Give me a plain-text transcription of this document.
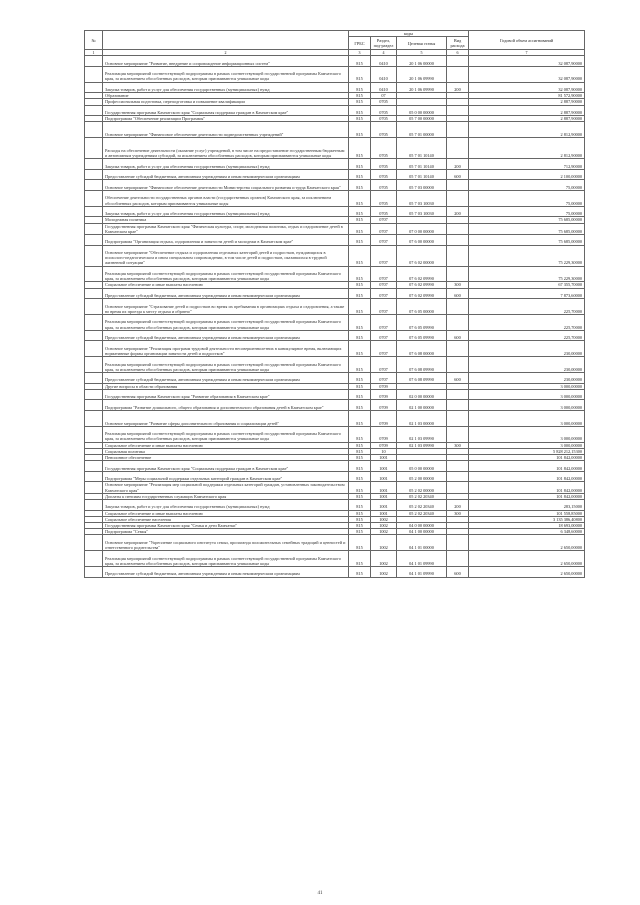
№		коды				Годовой объем ассигнований
		ГРБС	Раздел, под-раздел	Целевая статья	Вид расхода	
1	2	3	4	5	6	7
	Основное мероприятие "Развитие, внедрение и сопровождение информационных систем"	815	0410	20 1 06 00000		32 087,90000
	Реализация мероприятий соответствующей подпрограммы в рамках соответствующей государственной программы Камчатского края, за исключением обособленных расходов, которым присваиваются уникальные коды	815	0410	20 1 06 09990		32 087,90000
	Закупка товаров, работ и услуг для обеспечения государственных (муниципальных) нужд	815	0410	20 1 06 09990	200	32 087,90000
	Образование	815	07			81 572,90000
	Профессиональная подготовка, переподготовка и повышение квалификации	815	0705			2 887,90000
	Государственная программа Камчатского края "Социальная поддержка граждан в Камчатском крае"	815	0705	05 0 00 00000		2 887,90000
	Подпрограмма "Обеспечение реализации Программы"	815	0705	05 7 00 00000		2 887,90000
	Основное мероприятие "Финансовое обеспечение деятельности подведомственных учреждений"	815	0705	05 7 01 00000		2 812,90000
	Расходы на обеспечение деятельности (оказание услуг) учреждений, в том числе на предоставление государственным бюджетным и автономным учреждениям субсидий, за исключением обособленных расходов, которым присваиваются уникальные коды	815	0705	05 7 01 10140		2 812,90000
	Закупка товаров, работ и услуг для обеспечения государственных (муниципальных) нужд	815	0705	05 7 01 10140	200	712,90000
	Предоставление субсидий бюджетным, автономным учреждениям и иным некоммерческим организациям	815	0705	05 7 01 10140	600	2 100,00000
	Основное мероприятие "Финансовое обеспечение деятельности Министерства социального развития и труда Камчатского края"	815	0705	05 7 03 00000		75,00000
	Обеспечение деятельности государственных органов власти (государственных органов) Камчатского края, за исключением обособленных расходов, которым присваиваются уникальные коды	815	0705	05 7 03 10030		75,00000
	Закупка товаров, работ и услуг для обеспечения государственных (муниципальных) нужд	815	0705	05 7 03 10030	200	75,00000
	Молодежная политика	815	0707			75 685,00000
	Государственная программа Камчатского края "Физическая культура, спорт, молодежная политика, отдых и оздоровление детей в Камчатском крае"	815	0707	07 0 00 00000		75 685,00000
	Подпрограмма "Организация отдыха, оздоровления и занятости детей и молодежи в Камчатском крае"	815	0707	07 6 00 00000		75 685,00000
	Основное мероприятие "Обеспечение отдыха и оздоровления отдельных категорий детей и подростков, нуждающихся в психолого-педагогическом и ином специальном сопровождении, в том числе детей и подростков, оказавшихся в трудной жизненной ситуации"	815	0707	07 6 02 00000		75 229,30000
	Реализация мероприятий соответствующей подпрограммы в рамках соответствующей государственной программы Камчатского края, за исключением обособленных расходов, которым присваиваются уникальные коды	815	0707	07 6 02 09990		75 229,30000
	Социальное обеспечение и иные выплаты населению	815	0707	07 6 02 09990	300	67 355,70000
	Предоставление субсидий бюджетным, автономным учреждениям и иным некоммерческим организациям	815	0707	07 6 02 09990	600	7 873,60000
	Основное мероприятие "Страхование детей и подростков во время их пребывания в организациях отдыха и оздоровления, а также во время их проезда к месту отдыха и обратно"	815	0707	07 6 05 00000		225,70000
	Реализация мероприятий соответствующей подпрограммы в рамках соответствующей государственной программы Камчатского края, за исключением обособленных расходов, которым присваиваются уникальные коды	815	0707	07 6 05 09990		225,70000
	Предоставление субсидий бюджетным, автономным учреждениям и иным некоммерческим организациям	815	0707	07 6 05 09990	600	225,70000
	Основное мероприятие "Реализация программ трудовой деятельности несовершеннолетних в каникулярное время, включающих нормативные формы организации занятости детей и подростков"	815	0707	07 6 08 00000		230,00000
	Реализация мероприятий соответствующей подпрограммы в рамках соответствующей государственной программы Камчатского края, за исключением обособленных расходов, которым присваиваются уникальные коды	815	0707	07 6 08 09990		230,00000
	Предоставление субсидий бюджетным, автономным учреждениям и иным некоммерческим организациям	815	0707	07 6 08 09990	600	230,00000
	Другие вопросы в области образования	815	0709			3 000,00000
	Государственная программа Камчатского края "Развитие образования в Камчатском крае"	815	0709	02 0 00 00000		3 000,00000
	Подпрограмма "Развитие дошкольного, общего образования и дополнительного образования детей в Камчатском крае"	815	0709	02 1 00 00000		3 000,00000
	Основное мероприятие "Развитие сферы дополнительного образования и социализации детей"	815	0709	02 1 03 00000		3 000,00000
	Реализация мероприятий соответствующей подпрограммы в рамках соответствующей государственной программы Камчатского края, за исключением обособленных расходов, которым присваиваются уникальные коды	815	0709	02 1 03 09990		3 000,00000
	Социальное обеспечение и иные выплаты населению	815	0709	02 1 03 09990	300	3 000,00000
	Социальная политика	815	10			5 828 212,15300
	Пенсионное обеспечение	815	1001			101 842,00000
	Государственная программа Камчатского края "Социальная поддержка граждан в Камчатском крае"	815	1001	05 0 00 00000		101 842,00000
	Подпрограмма "Меры социальной поддержки отдельных категорий граждан в Камчатском крае"	815	1001	05 2 00 00000		101 842,00000
	Основное мероприятие "Реализация мер социальной поддержки отдельных категорий граждан, установленных законодательством Камчатского края"	815	1001	05 2 02 00000		101 842,00000
	Доплаты к пенсиям государственных служащих Камчатского края	815	1001	05 2 02 20340		101 842,00000
	Закупка товаров, работ и услуг для обеспечения государственных (муниципальных) нужд	815	1001	05 2 02 20340	200	283,15000
	Социальное обеспечение и иные выплаты населению	815	1001	05 2 02 20340	300	101 558,85000
	Социальное обеспечение населения	815	1002			3 135 386,40800
	Государственная программа Камчатского края "Семья и дети Камчатки"	815	1002	04 0 00 00000		18 693,00000
	Подпрограмма "Семья"	815	1002	04 1 00 00000		6 348,60000
	Основное мероприятие "Укрепление социального института семьи, пропаганда положительных семейных традиций и ценностей и ответственного родительства"	815	1002	04 1 01 00000		2 650,00000
	Реализация мероприятий соответствующей подпрограммы в рамках соответствующей государственной программы Камчатского края, за исключением обособленных расходов, которым присваиваются уникальные коды	815	1002	04 1 01 09990		2 650,00000
	Предоставление субсидий бюджетным, автономным учреждениям и иным некоммерческим организациям	815	1002	04 1 01 09990	600	2 650,00000
41
